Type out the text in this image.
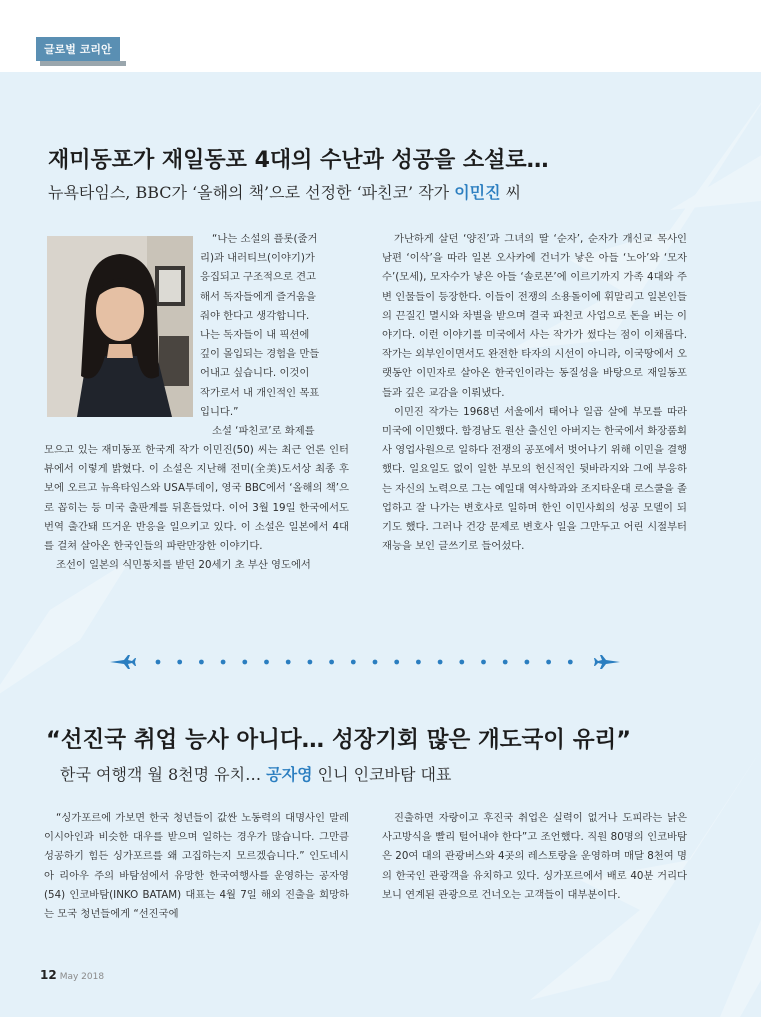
글로벌 코리안
재미동포가 재일동포 4대의 수난과 성공을 소설로…

뉴욕타임스, BBC가 ‘올해의 책’으로 선정한 ‘파친코’ 작가 이민진 씨

“나는 소설의 플롯(줄거
리)과 내러티브(이야기)가
응집되고 구조적으로 견고
해서 독자들에게 즐거움을
줘야 한다고 생각합니다.
나는 독자들이 내 픽션에
깊이 몰입되는 경험을 만들
어내고 싶습니다. 이것이
작가로서 내 개인적인 목표
입니다.”
소설 ‘파친코’로 화제를

모으고 있는 재미동포 한국계 작가 이민진(50) 씨는 최근 언론 인터뷰에서 이렇게 밝혔다. 이 소설은 지난해 전미(全美)도서상 최종 후보에 오르고 뉴욕타임스와 USA투데이, 영국 BBC에서 ‘올해의 책’으로 꼽히는 등 미국 출판계를 뒤흔들었다. 이어 3월 19일 한국에서도 번역 출간돼 뜨거운 반응을 일으키고 있다. 이 소설은 일본에서 4대를 걸쳐 살아온 한국인들의 파란만장한 이야기다.

조선이 일본의 식민통치를 받던 20세기 초 부산 영도에서

가난하게 살던 ‘양진’과 그녀의 딸 ‘순자’, 순자가 개신교 목사인 남편 ‘이삭’을 따라 일본 오사카에 건너가 낳은 아들 ‘노아’와 ‘모자수’(모세), 모자수가 낳은 아들 ‘솔로몬’에 이르기까지 가족 4대와 주변 인물들이 등장한다. 이들이 전쟁의 소용돌이에 휘말리고 일본인들의 끈질긴 멸시와 차별을 받으며 결국 파친코 사업으로 돈을 버는 이야기다. 이런 이야기를 미국에서 사는 작가가 썼다는 점이 이채롭다. 작가는 외부인이면서도 완전한 타자의 시선이 아니라, 이국땅에서 오랫동안 이민자로 살아온 한국인이라는 동질성을 바탕으로 재일동포들과 깊은 교감을 이뤄냈다.

이민진 작가는 1968년 서울에서 태어나 일곱 살에 부모를 따라 미국에 이민했다. 함경남도 원산 출신인 아버지는 한국에서 화장품회사 영업사원으로 일하다 전쟁의 공포에서 벗어나기 위해 이민을 결행했다. 일요일도 없이 일한 부모의 헌신적인 뒷바라지와 그에 부응하는 자신의 노력으로 그는 예일대 역사학과와 조지타운대 로스쿨을 졸업하고 잘 나가는 변호사로 일하며 한인 이민사회의 성공 모델이 되기도 했다. 그러나 건강 문제로 변호사 일을 그만두고 어린 시절부터 재능을 보인 글쓰기로 들어섰다.

“선진국 취업 능사 아니다… 성장기회 많은 개도국이 유리”

한국 여행객 월 8천명 유치… 공자영 인니 인코바탐 대표

“싱가포르에 가보면 한국 청년들이 값싼 노동력의 대명사인 말레이시아인과 비슷한 대우를 받으며 일하는 경우가 많습니다. 그만큼 성공하기 힘든 싱가포르를 왜 고집하는지 모르겠습니다.” 인도네시아 리아우 주의 바탐섬에서 유망한 한국여행사를 운영하는 공자영(54) 인코바탐(INKO BATAM) 대표는 4월 7일 해외 진출을 희망하는 모국 청년들에게 “선진국에

진출하면 자랑이고 후진국 취업은 실력이 없거나 도피라는 낡은 사고방식을 빨리 털어내야 한다”고 조언했다. 직원 80명의 인코바탐은 20여 대의 관광버스와 4곳의 레스토랑을 운영하며 매달 8천여 명의 한국인 관광객을 유치하고 있다. 싱가포르에서 배로 40분 거리다 보니 연계된 관광으로 건너오는 고객들이 대부분이다.

12 May 2018
